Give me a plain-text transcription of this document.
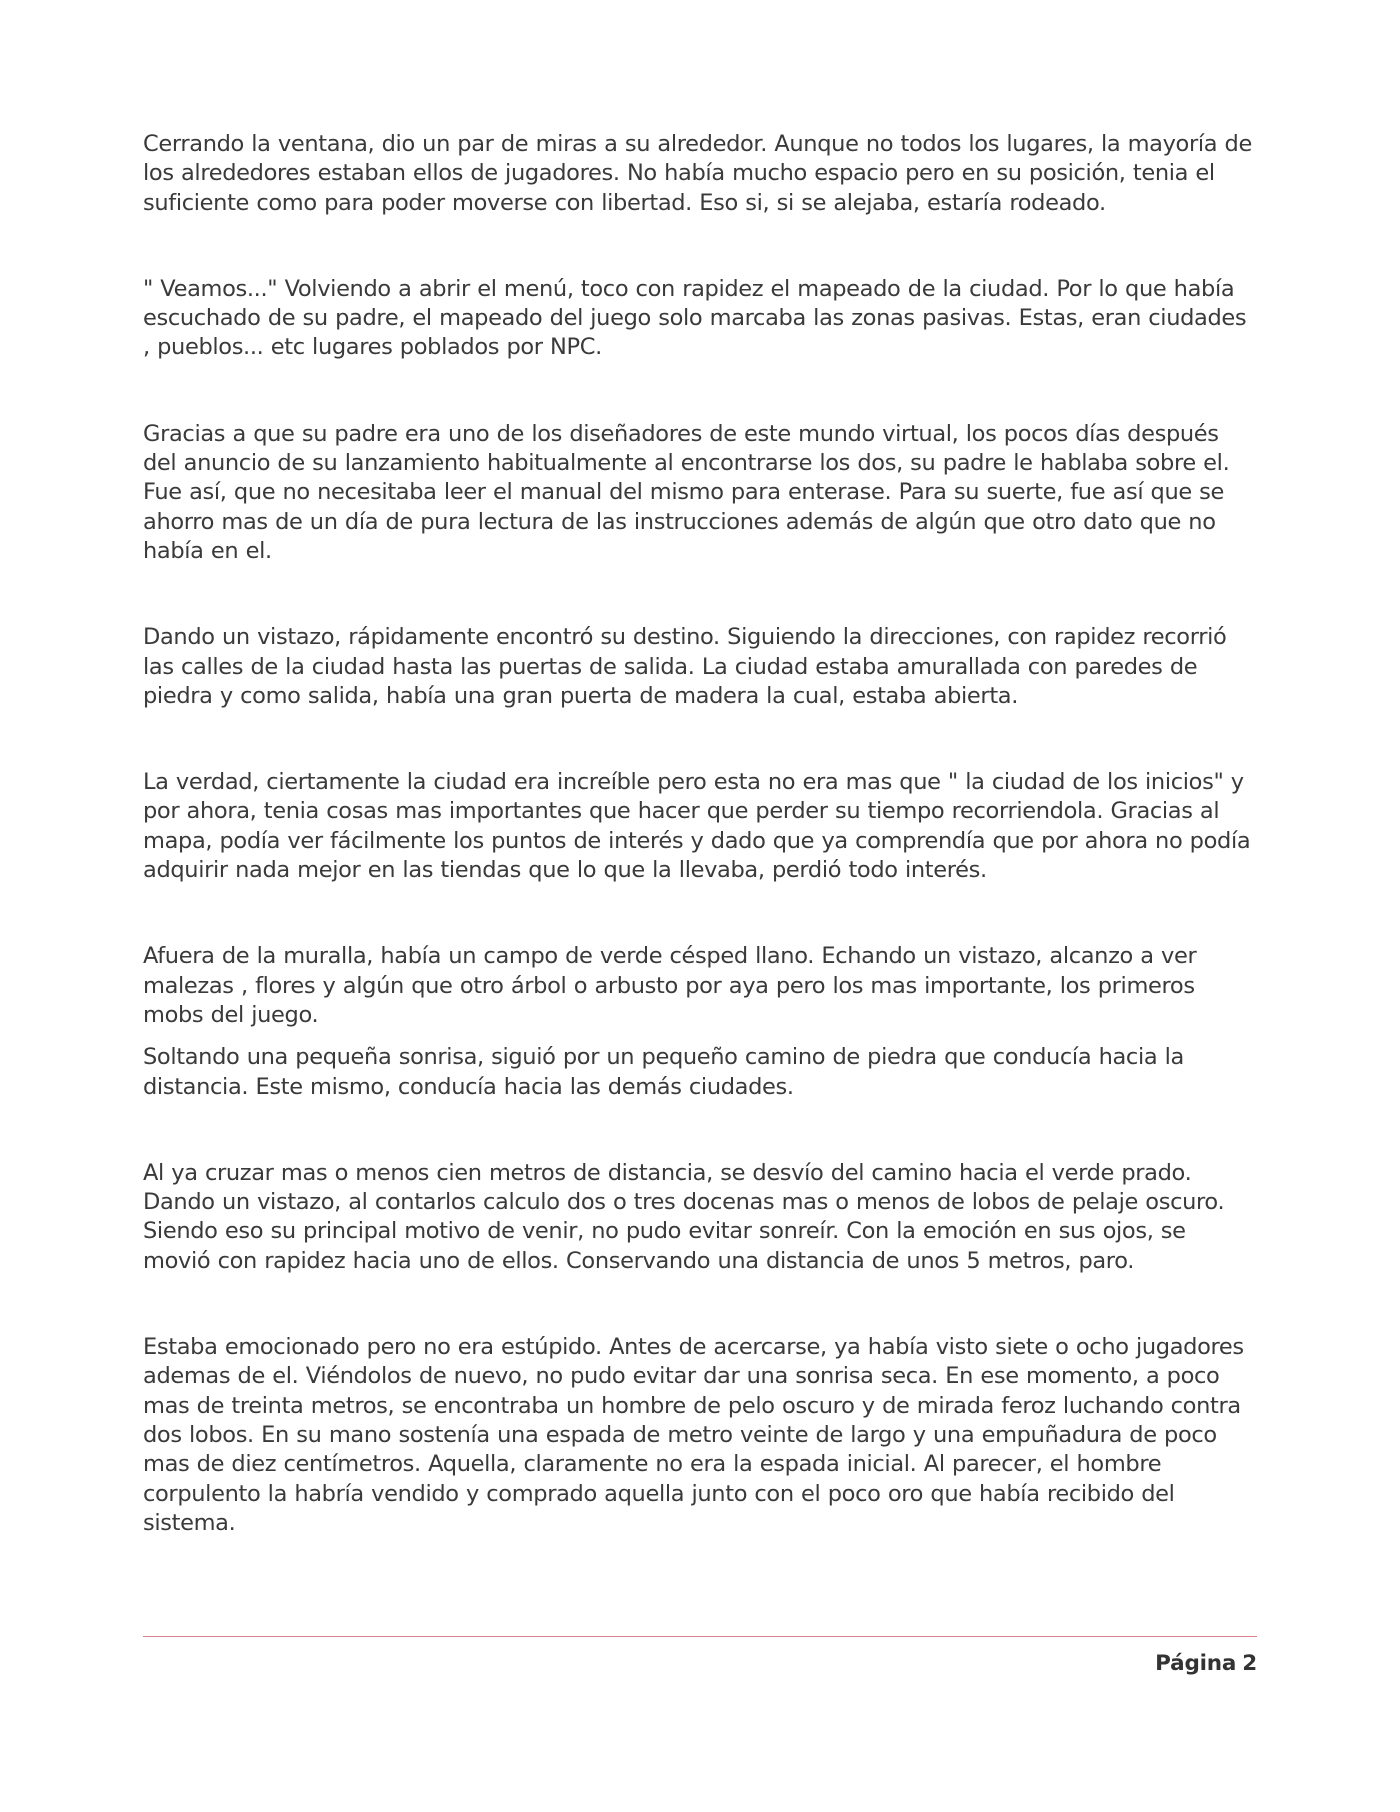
Cerrando la ventana, dio un par de miras a su alrededor. Aunque no todos los lugares, la mayoría de los alrededores estaban ellos de jugadores. No había mucho espacio pero en su posición, tenia el suficiente como para poder moverse con libertad. Eso si, si se alejaba, estaría rodeado.

" Veamos..." Volviendo a abrir el menú, toco con rapidez el mapeado de la ciudad. Por lo que había escuchado de su padre, el mapeado del juego solo marcaba las zonas pasivas. Estas, eran ciudades , pueblos... etc lugares poblados por NPC.

Gracias a que su padre era uno de los diseñadores de este mundo virtual, los pocos días después del anuncio de su lanzamiento habitualmente al encontrarse los dos, su padre le hablaba sobre el. Fue así, que no necesitaba leer el manual del mismo para enterase. Para su suerte, fue así que se ahorro mas de un día de pura lectura de las instrucciones además de algún que otro dato que no había en el.

Dando un vistazo, rápidamente encontró su destino. Siguiendo la direcciones, con rapidez recorrió las calles de la ciudad hasta las puertas de salida. La ciudad estaba amurallada con paredes de piedra y como salida, había una gran puerta de madera la cual, estaba abierta.

La verdad, ciertamente la ciudad era increíble pero esta no era mas que " la ciudad de los inicios" y por ahora, tenia cosas mas importantes que hacer que perder su tiempo recorriendola. Gracias al mapa, podía ver fácilmente los puntos de interés y dado que ya comprendía que por ahora no podía adquirir nada mejor en las tiendas que lo que la llevaba, perdió todo interés.

Afuera de la muralla, había un campo de verde césped llano. Echando un vistazo, alcanzo a ver malezas , flores y algún que otro árbol o arbusto por aya pero los mas importante, los primeros mobs del juego.

Soltando una pequeña sonrisa, siguió por un pequeño camino de piedra que conducía hacia la distancia. Este mismo, conducía hacia las demás ciudades.

Al ya cruzar mas o menos cien metros de distancia, se desvío del camino hacia el verde prado. Dando un vistazo, al contarlos calculo dos o tres docenas mas o menos de lobos de pelaje oscuro. Siendo eso su principal motivo de venir, no pudo evitar sonreír. Con la emoción en sus ojos, se movió con rapidez hacia uno de ellos. Conservando una distancia de unos 5 metros, paro.

Estaba emocionado pero no era estúpido. Antes de acercarse, ya había visto siete o ocho jugadores ademas de el. Viéndolos de nuevo, no pudo evitar dar una sonrisa seca. En ese momento, a poco mas de treinta metros, se encontraba un hombre de pelo oscuro y de mirada feroz luchando contra dos lobos. En su mano sostenía una espada de metro veinte de largo y una empuñadura de poco mas de diez centímetros. Aquella, claramente no era la espada inicial. Al parecer, el hombre corpulento la habría vendido y comprado aquella junto con el poco oro que había recibido del sistema.

Página 2
